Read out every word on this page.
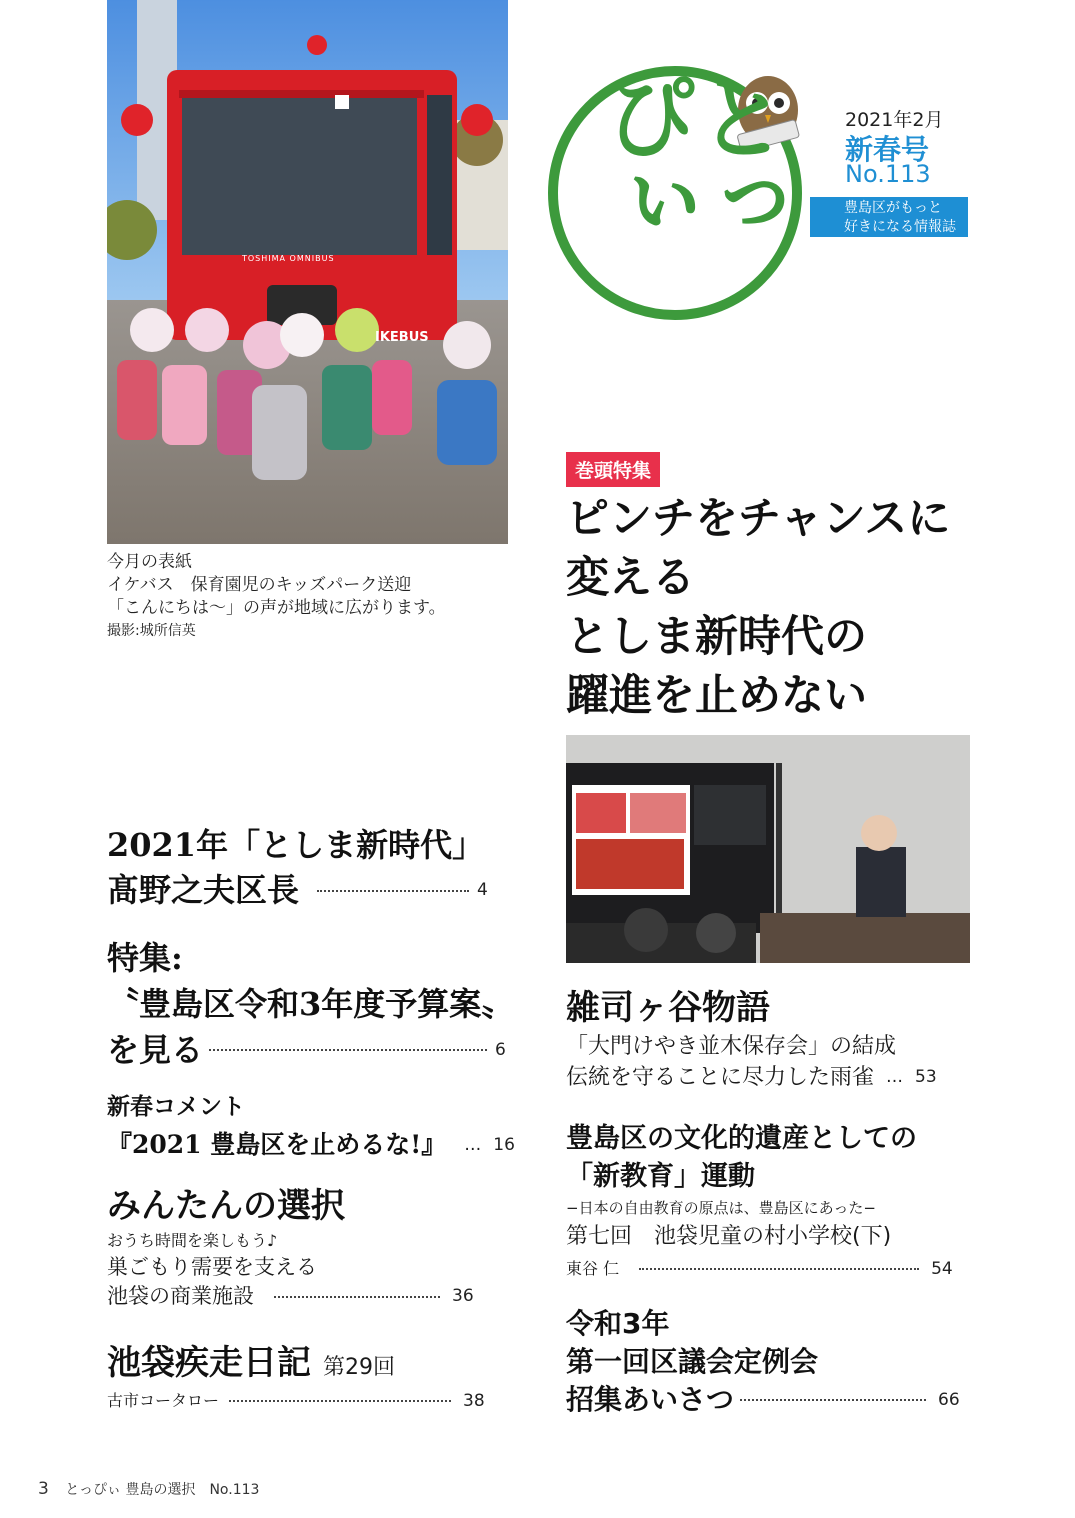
IKEBUS
TOSHIMA OMNIBUS
とっぴぃ	2021年2月
新春号
No.113
豊島区がもっと
好きになる情報誌
今月の表紙
イケバス　保育園児のキッズパーク送迎
「こんにちは〜」の声が地域に広がります。
撮影:城所信英
巻頭特集
ピンチをチャンスに
変える
としま新時代の
躍進を止めない
2021年「としま新時代」
髙野之夫区長	4
特集:
〝豊島区令和3年度予算案〟
を見る	6
新春コメント
『2021 豊島区を止めるな!』 … 16
みんたんの選択
おうち時間を楽しもう♪
巣ごもり需要を支える
池袋の商業施設	36
池袋疾走日記 第29回
古市コータロー	38
雑司ヶ谷物語
「大門けやき並木保存会」の結成
伝統を守ることに尽力した雨雀 … 53
豊島区の文化的遺産としての
「新教育」運動
−日本の自由教育の原点は、豊島区にあった−
第七回　池袋児童の村小学校(下)
東谷 仁	54
令和3年
第一回区議会定例会
招集あいさつ	66
3 とっぴぃ 豊島の選択　No.113
